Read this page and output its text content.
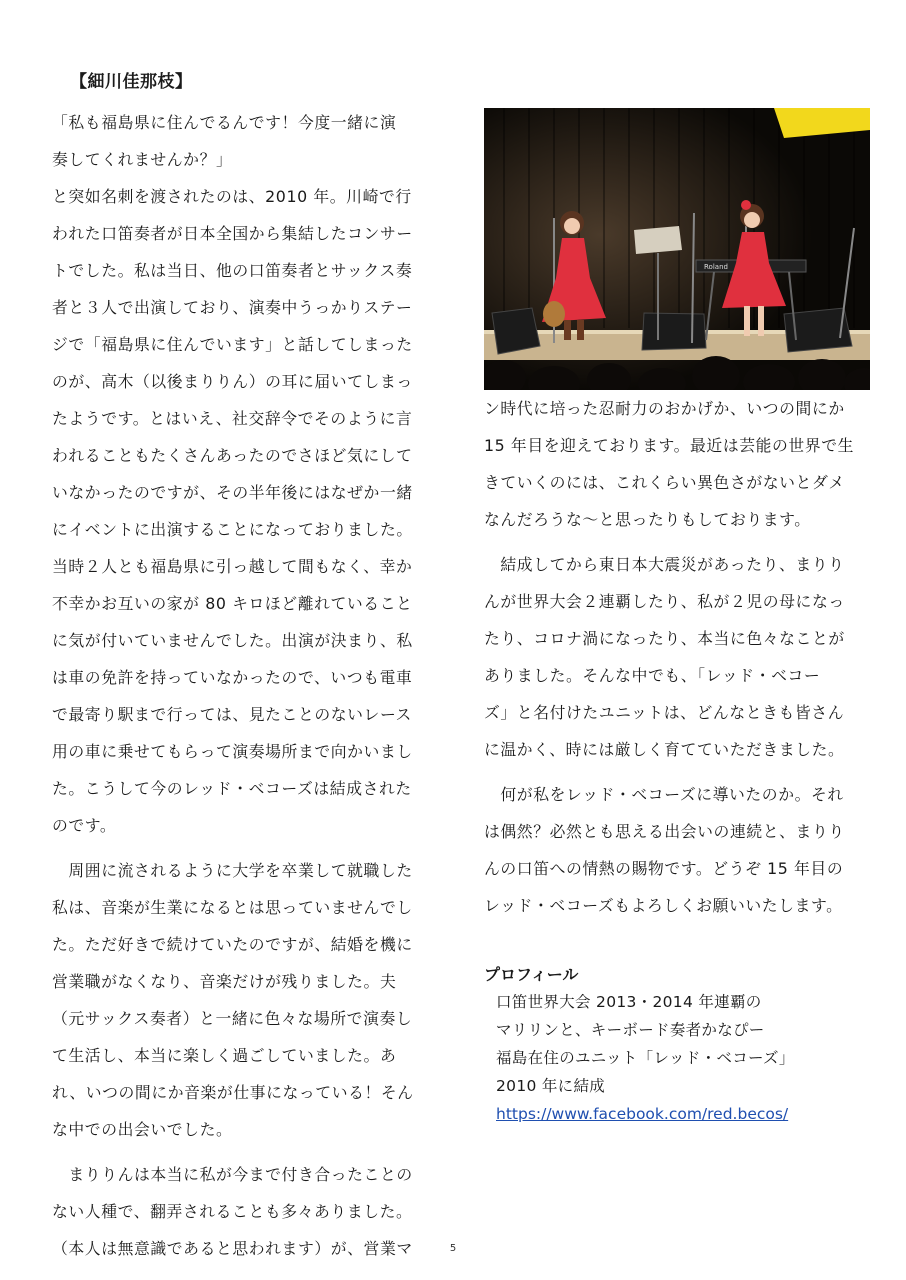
【細川佳那枝】
「私も福島県に住んでるんです！今度一緒に演
奏してくれませんか？」
と突如名刺を渡されたのは、2010 年。川崎で行
われた口笛奏者が日本全国から集結したコンサー
トでした。私は当日、他の口笛奏者とサックス奏
者と３人で出演しており、演奏中うっかりステー
ジで「福島県に住んでいます」と話してしまった
のが、高木（以後まりりん）の耳に届いてしまっ
たようです。とはいえ、社交辞令でそのように言
われることもたくさんあったのでさほど気にして
いなかったのですが、その半年後にはなぜか一緒
にイベントに出演することになっておりました。
当時２人とも福島県に引っ越して間もなく、幸か
不幸かお互いの家が 80 キロほど離れていること
に気が付いていませんでした。出演が決まり、私
は車の免許を持っていなかったので、いつも電車
で最寄り駅まで行っては、見たことのないレース
用の車に乗せてもらって演奏場所まで向かいまし
た。こうして今のレッド・ベコーズは結成された
のです。
　周囲に流されるように大学を卒業して就職した
私は、音楽が生業になるとは思っていませんでし
た。ただ好きで続けていたのですが、結婚を機に
営業職がなくなり、音楽だけが残りました。夫
（元サックス奏者）と一緒に色々な場所で演奏し
て生活し、本当に楽しく過ごしていました。あ
れ、いつの間にか音楽が仕事になっている！そん
な中での出会いでした。
　まりりんは本当に私が今まで付き合ったことの
ない人種で、翻弄されることも多々ありました。
（本人は無意識であると思われます）が、営業マ
Roland
ン時代に培った忍耐力のおかげか、いつの間にか
15 年目を迎えております。最近は芸能の世界で生
きていくのには、これくらい異色さがないとダメ
なんだろうな～と思ったりもしております。
　結成してから東日本大震災があったり、まりり
んが世界大会２連覇したり、私が２児の母になっ
たり、コロナ渦になったり、本当に色々なことが
ありました。そんな中でも、「レッド・ベコー
ズ」と名付けたユニットは、どんなときも皆さん
に温かく、時には厳しく育てていただきました。
　何が私をレッド・ベコーズに導いたのか。それ
は偶然？必然とも思える出会いの連続と、まりり
んの口笛への情熱の賜物です。どうぞ 15 年目の
レッド・ベコーズもよろしくお願いいたします。
プロフィール
口笛世界大会 2013・2014 年連覇の
マリリンと、キーボード奏者かなぴー
福島在住のユニット「レッド・ベコーズ」
2010 年に結成
https://www.facebook.com/red.becos/
5
